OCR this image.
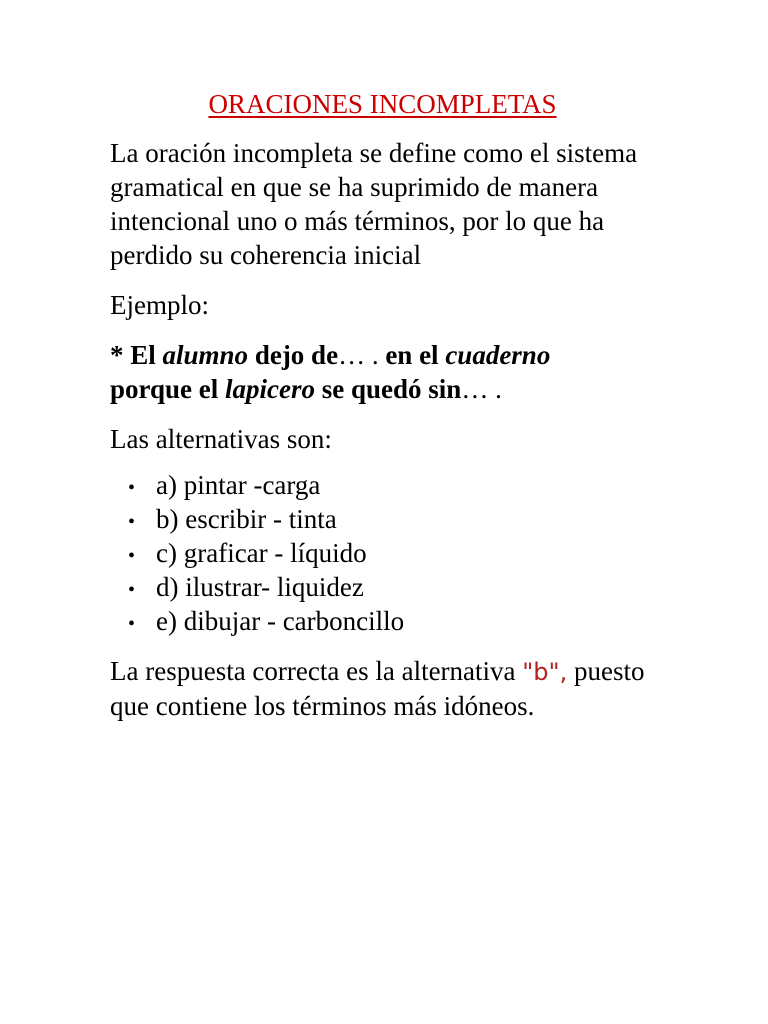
ORACIONES INCOMPLETAS

La oración incompleta se define como el sistema gramatical en que se ha suprimido de manera intencional uno o más términos, por lo que ha perdido su coherencia inicial

Ejemplo:

* El alumno dejo de… . en el cuaderno
porque el lapicero se quedó sin… .

Las alternativas son:

• a) pintar -carga
• b) escribir - tinta
• c) graficar - líquido
• d) ilustrar- liquidez
• e) dibujar - carboncillo

La respuesta correcta es la alternativa "b", puesto que contiene los términos más idóneos.
